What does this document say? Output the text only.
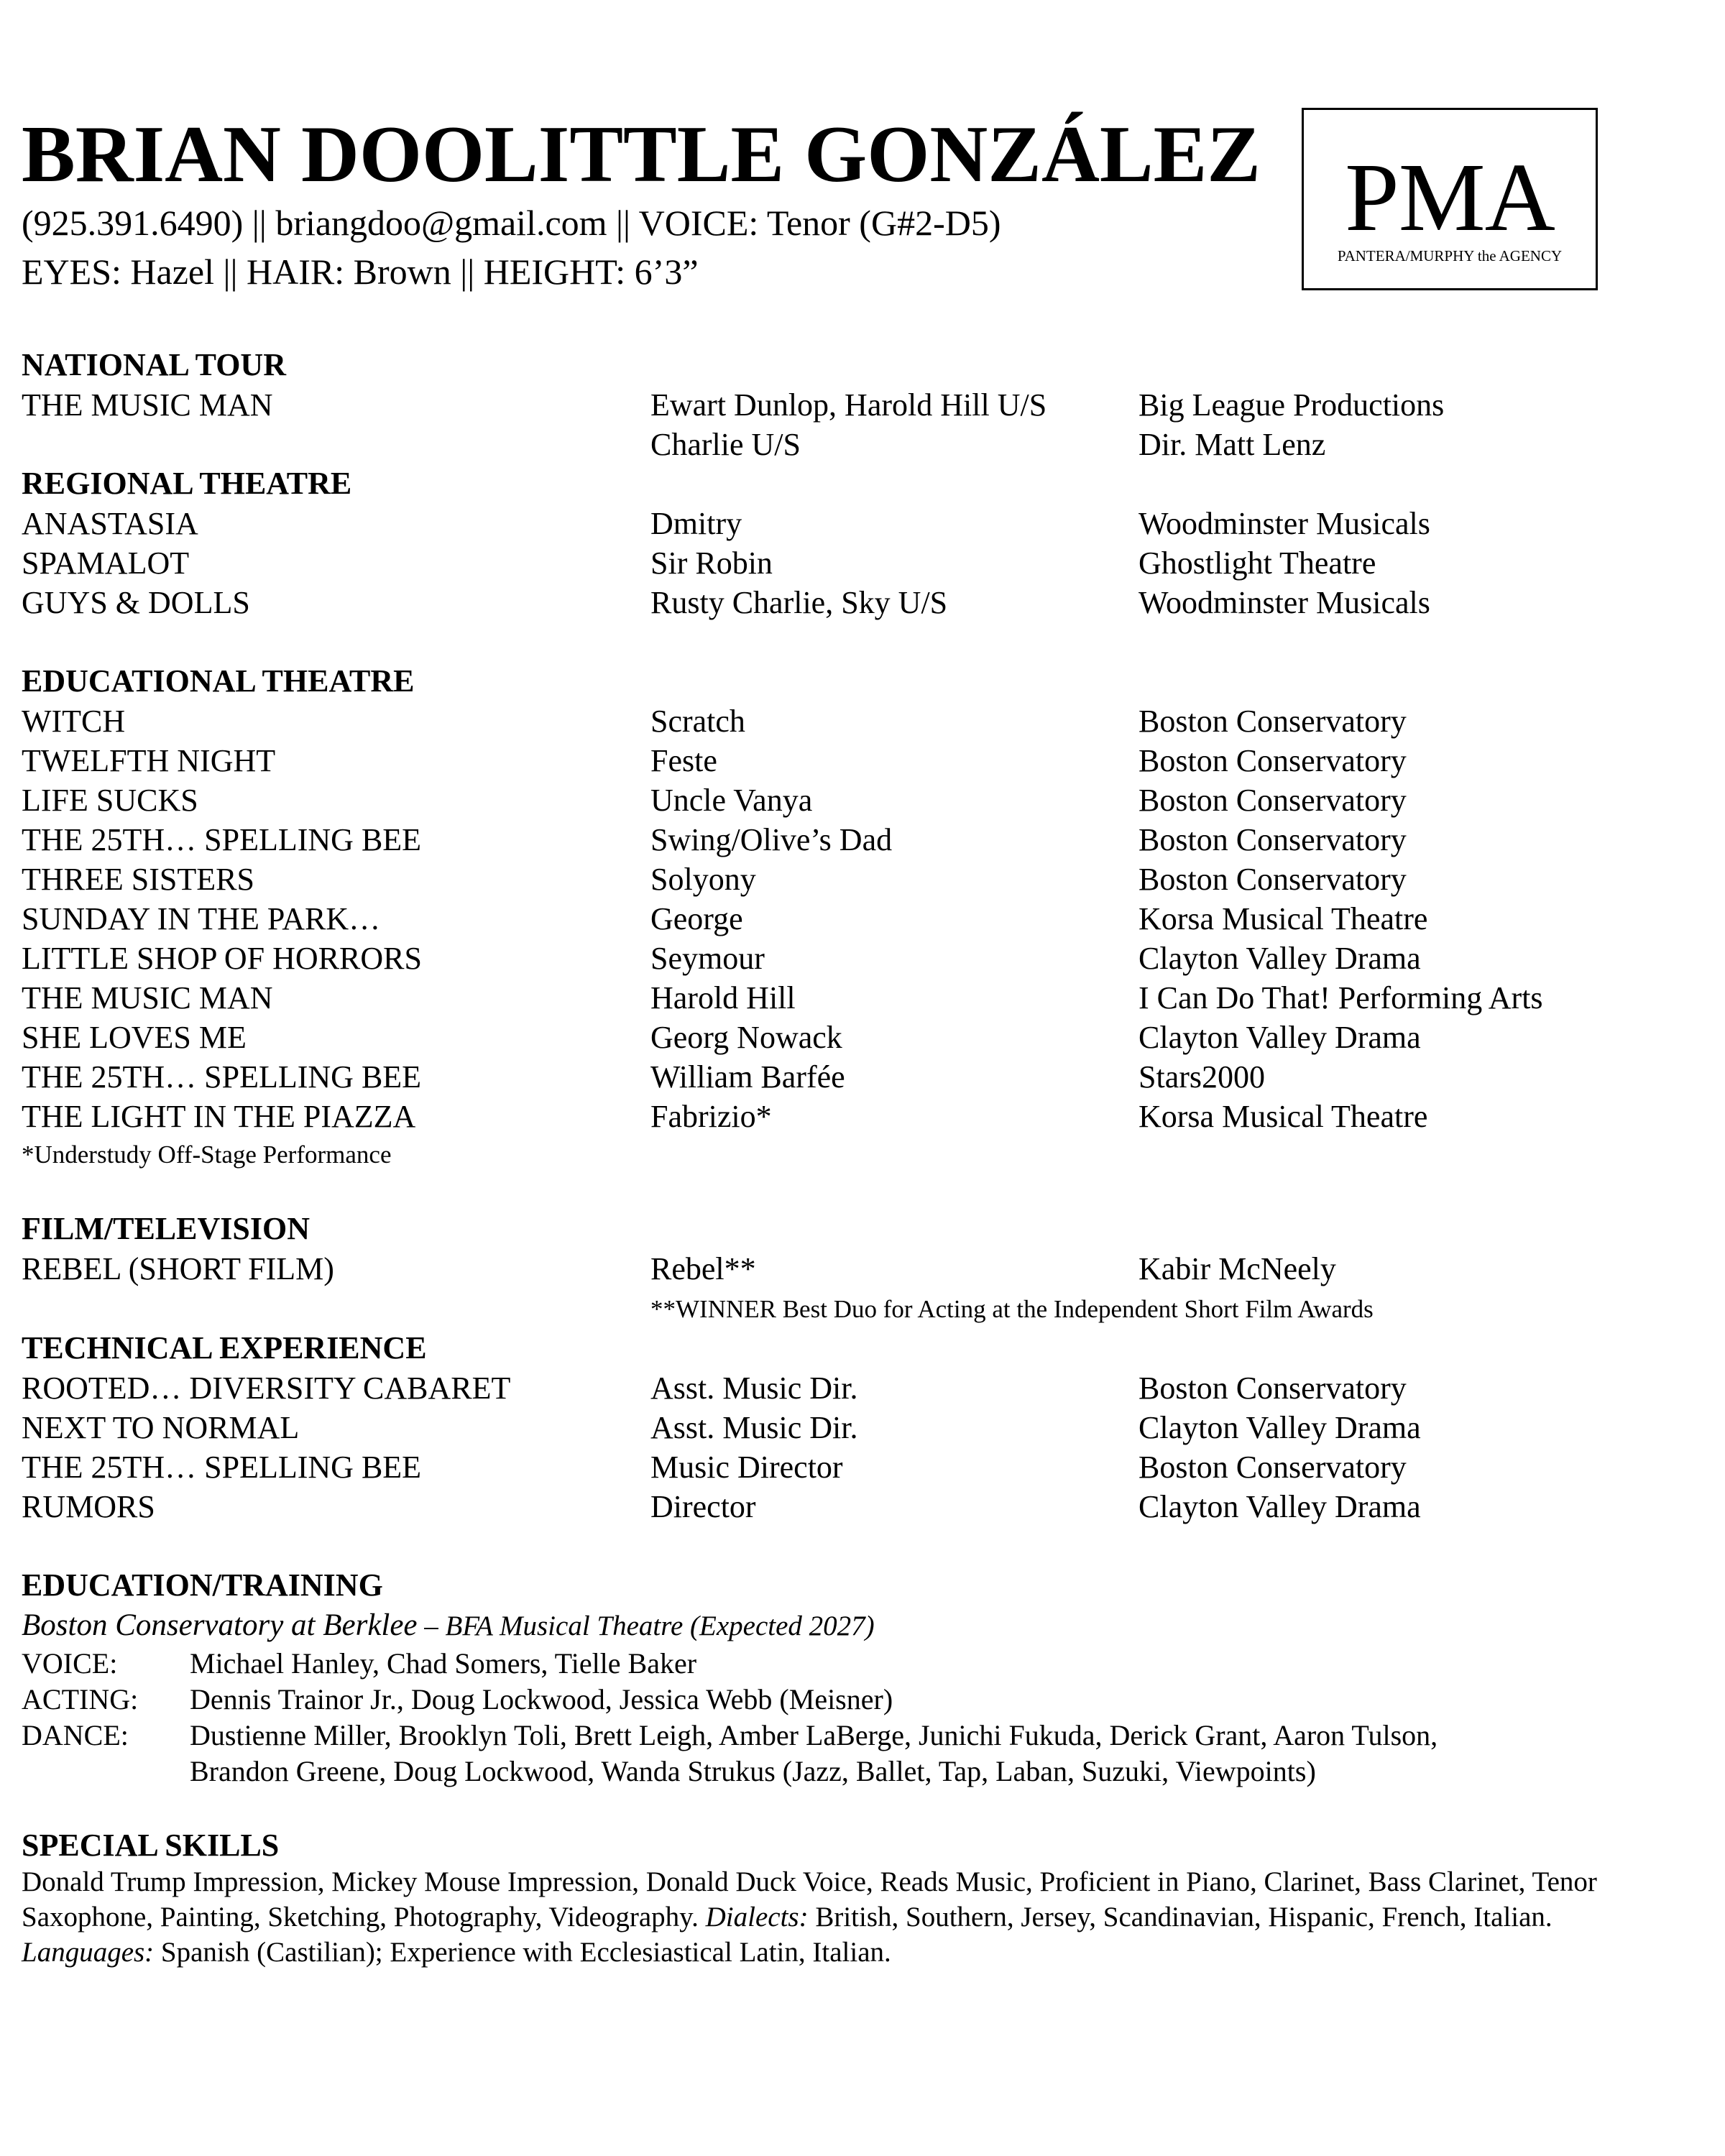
BRIAN DOOLITTLE GONZÁLEZ
(925.391.6490) || briangdoo@gmail.com || VOICE: Tenor (G#2-D5)
EYES: Hazel || HAIR: Brown || HEIGHT: 6’3”
PMA
PANTERA/MURPHY the AGENCY
NATIONAL TOUR
THE MUSIC MAN	Ewart Dunlop, Harold Hill U/S	Big League Productions
Charlie U/S	Dir. Matt Lenz
REGIONAL THEATRE
ANASTASIA	Dmitry	Woodminster Musicals
SPAMALOT	Sir Robin	Ghostlight Theatre
GUYS & DOLLS	Rusty Charlie, Sky U/S	Woodminster Musicals
EDUCATIONAL THEATRE
WITCH	Scratch	Boston Conservatory
TWELFTH NIGHT	Feste	Boston Conservatory
LIFE SUCKS	Uncle Vanya	Boston Conservatory
THE 25TH… SPELLING BEE	Swing/Olive’s Dad	Boston Conservatory
THREE SISTERS	Solyony	Boston Conservatory
SUNDAY IN THE PARK…	George	Korsa Musical Theatre
LITTLE SHOP OF HORRORS	Seymour	Clayton Valley Drama
THE MUSIC MAN	Harold Hill	I Can Do That! Performing Arts
SHE LOVES ME	Georg Nowack	Clayton Valley Drama
THE 25TH… SPELLING BEE	William Barfée	Stars2000
THE LIGHT IN THE PIAZZA	Fabrizio*	Korsa Musical Theatre
*Understudy Off-Stage Performance
FILM/TELEVISION
REBEL (SHORT FILM)	Rebel**	Kabir McNeely
**WINNER Best Duo for Acting at the Independent Short Film Awards
TECHNICAL EXPERIENCE
ROOTED… DIVERSITY CABARET	Asst. Music Dir.	Boston Conservatory
NEXT TO NORMAL	Asst. Music Dir.	Clayton Valley Drama
THE 25TH… SPELLING BEE	Music Director	Boston Conservatory
RUMORS	Director	Clayton Valley Drama
EDUCATION/TRAINING
Boston Conservatory at Berklee – BFA Musical Theatre (Expected 2027)
VOICE:	Michael Hanley, Chad Somers, Tielle Baker
ACTING: Dennis Trainor Jr., Doug Lockwood, Jessica Webb (Meisner)
DANCE: Dustienne Miller, Brooklyn Toli, Brett Leigh, Amber LaBerge, Junichi Fukuda, Derick Grant, Aaron Tulson,
Brandon Greene, Doug Lockwood, Wanda Strukus (Jazz, Ballet, Tap, Laban, Suzuki, Viewpoints)
SPECIAL SKILLS

Donald Trump Impression, Mickey Mouse Impression, Donald Duck Voice, Reads Music, Proficient in Piano, Clarinet, Bass Clarinet, Tenor Saxophone, Painting, Sketching, Photography, Videography. Dialects: British, Southern, Jersey, Scandinavian, Hispanic, French, Italian. Languages: Spanish (Castilian); Experience with Ecclesiastical Latin, Italian.
